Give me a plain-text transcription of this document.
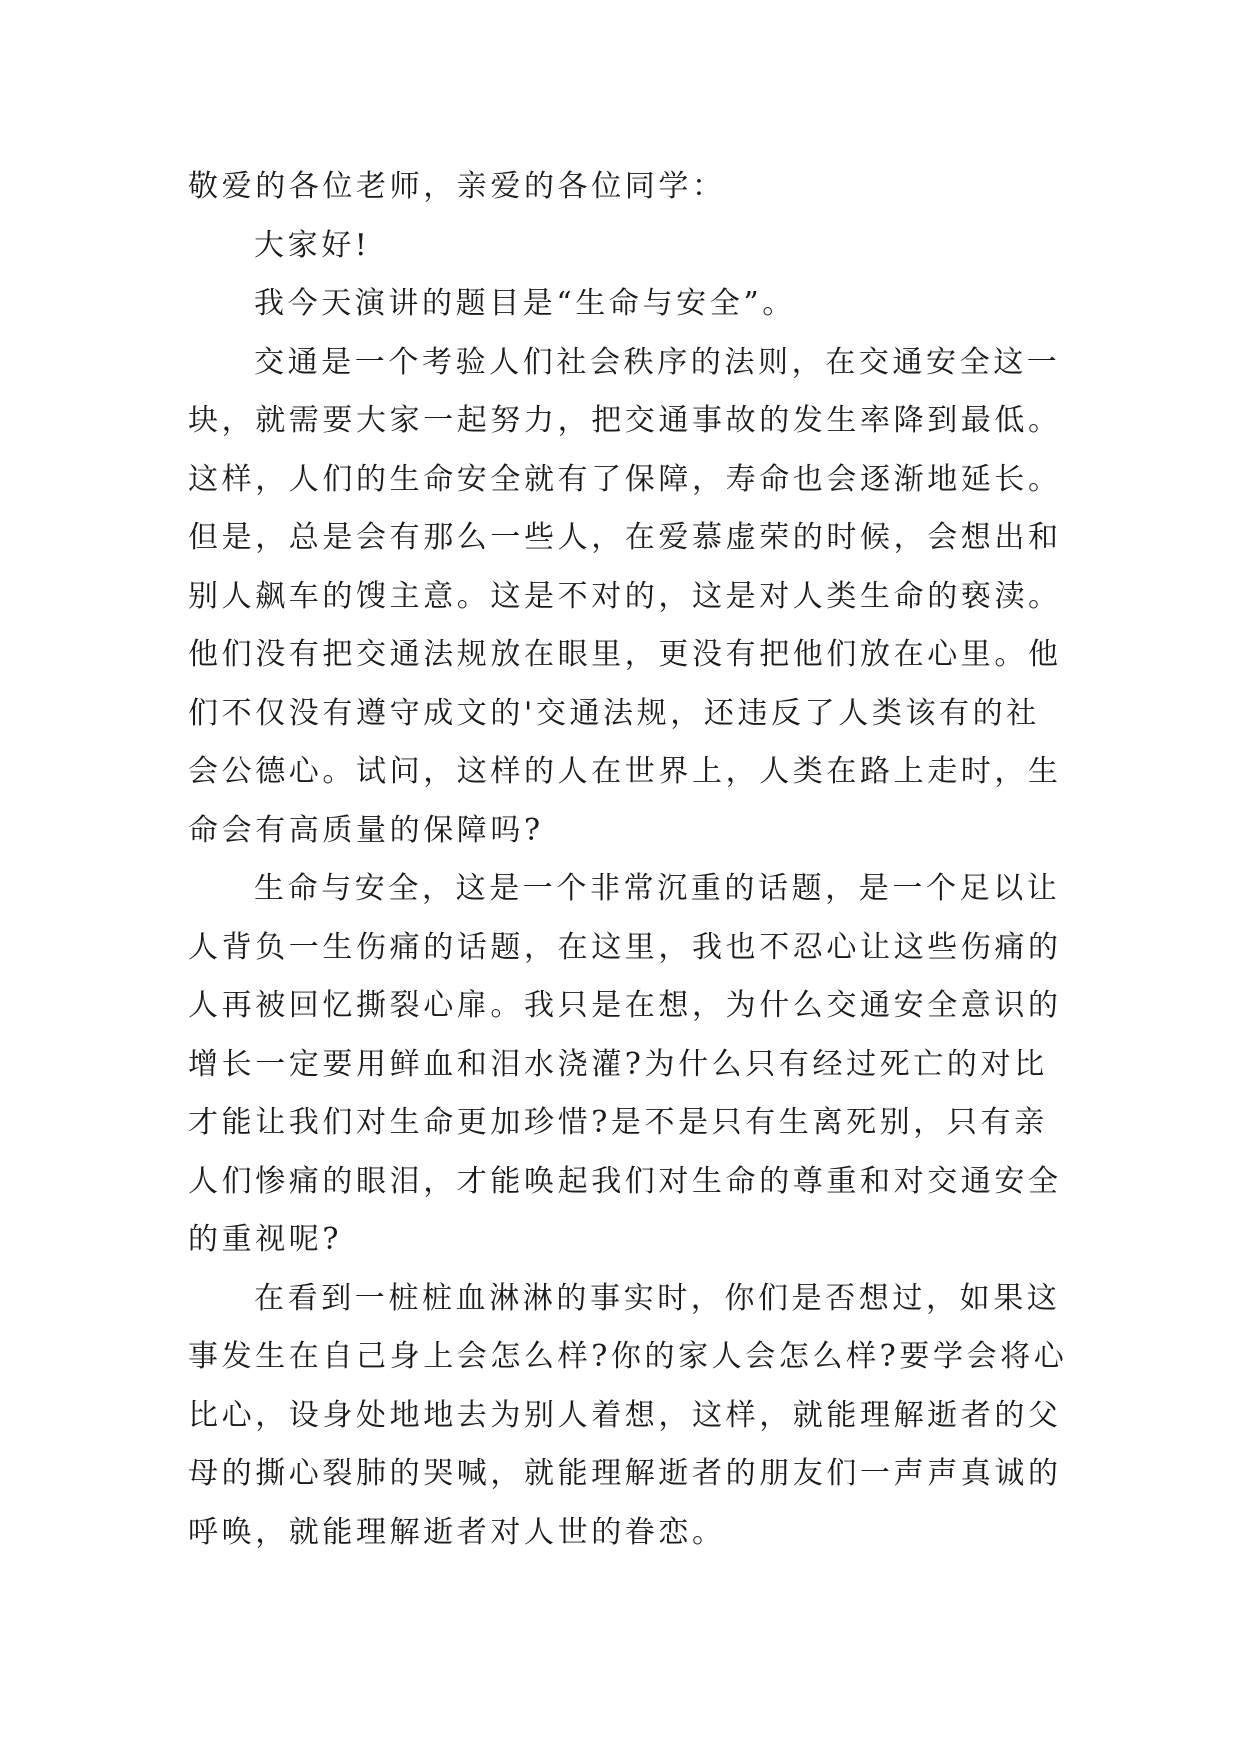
敬爱的各位老师，亲爱的各位同学：
大家好!
我今天演讲的题目是“生命与安全”。
交通是一个考验人们社会秩序的法则，在交通安全这一
块，就需要大家一起努力，把交通事故的发生率降到最低。
这样，人们的生命安全就有了保障，寿命也会逐渐地延长。
但是，总是会有那么一些人，在爱慕虚荣的时候，会想出和
别人飙车的馊主意。这是不对的，这是对人类生命的亵渎。
他们没有把交通法规放在眼里，更没有把他们放在心里。他
们不仅没有遵守成文的'交通法规，还违反了人类该有的社
会公德心。试问，这样的人在世界上，人类在路上走时，生
命会有高质量的保障吗?
生命与安全，这是一个非常沉重的话题，是一个足以让
人背负一生伤痛的话题，在这里，我也不忍心让这些伤痛的
人再被回忆撕裂心扉。我只是在想，为什么交通安全意识的
增长一定要用鲜血和泪水浇灌?为什么只有经过死亡的对比
才能让我们对生命更加珍惜?是不是只有生离死别，只有亲
人们惨痛的眼泪，才能唤起我们对生命的尊重和对交通安全
的重视呢?
在看到一桩桩血淋淋的事实时，你们是否想过，如果这
事发生在自己身上会怎么样?你的家人会怎么样?要学会将心
比心，设身处地地去为别人着想，这样，就能理解逝者的父
母的撕心裂肺的哭喊，就能理解逝者的朋友们一声声真诚的
呼唤，就能理解逝者对人世的眷恋。
